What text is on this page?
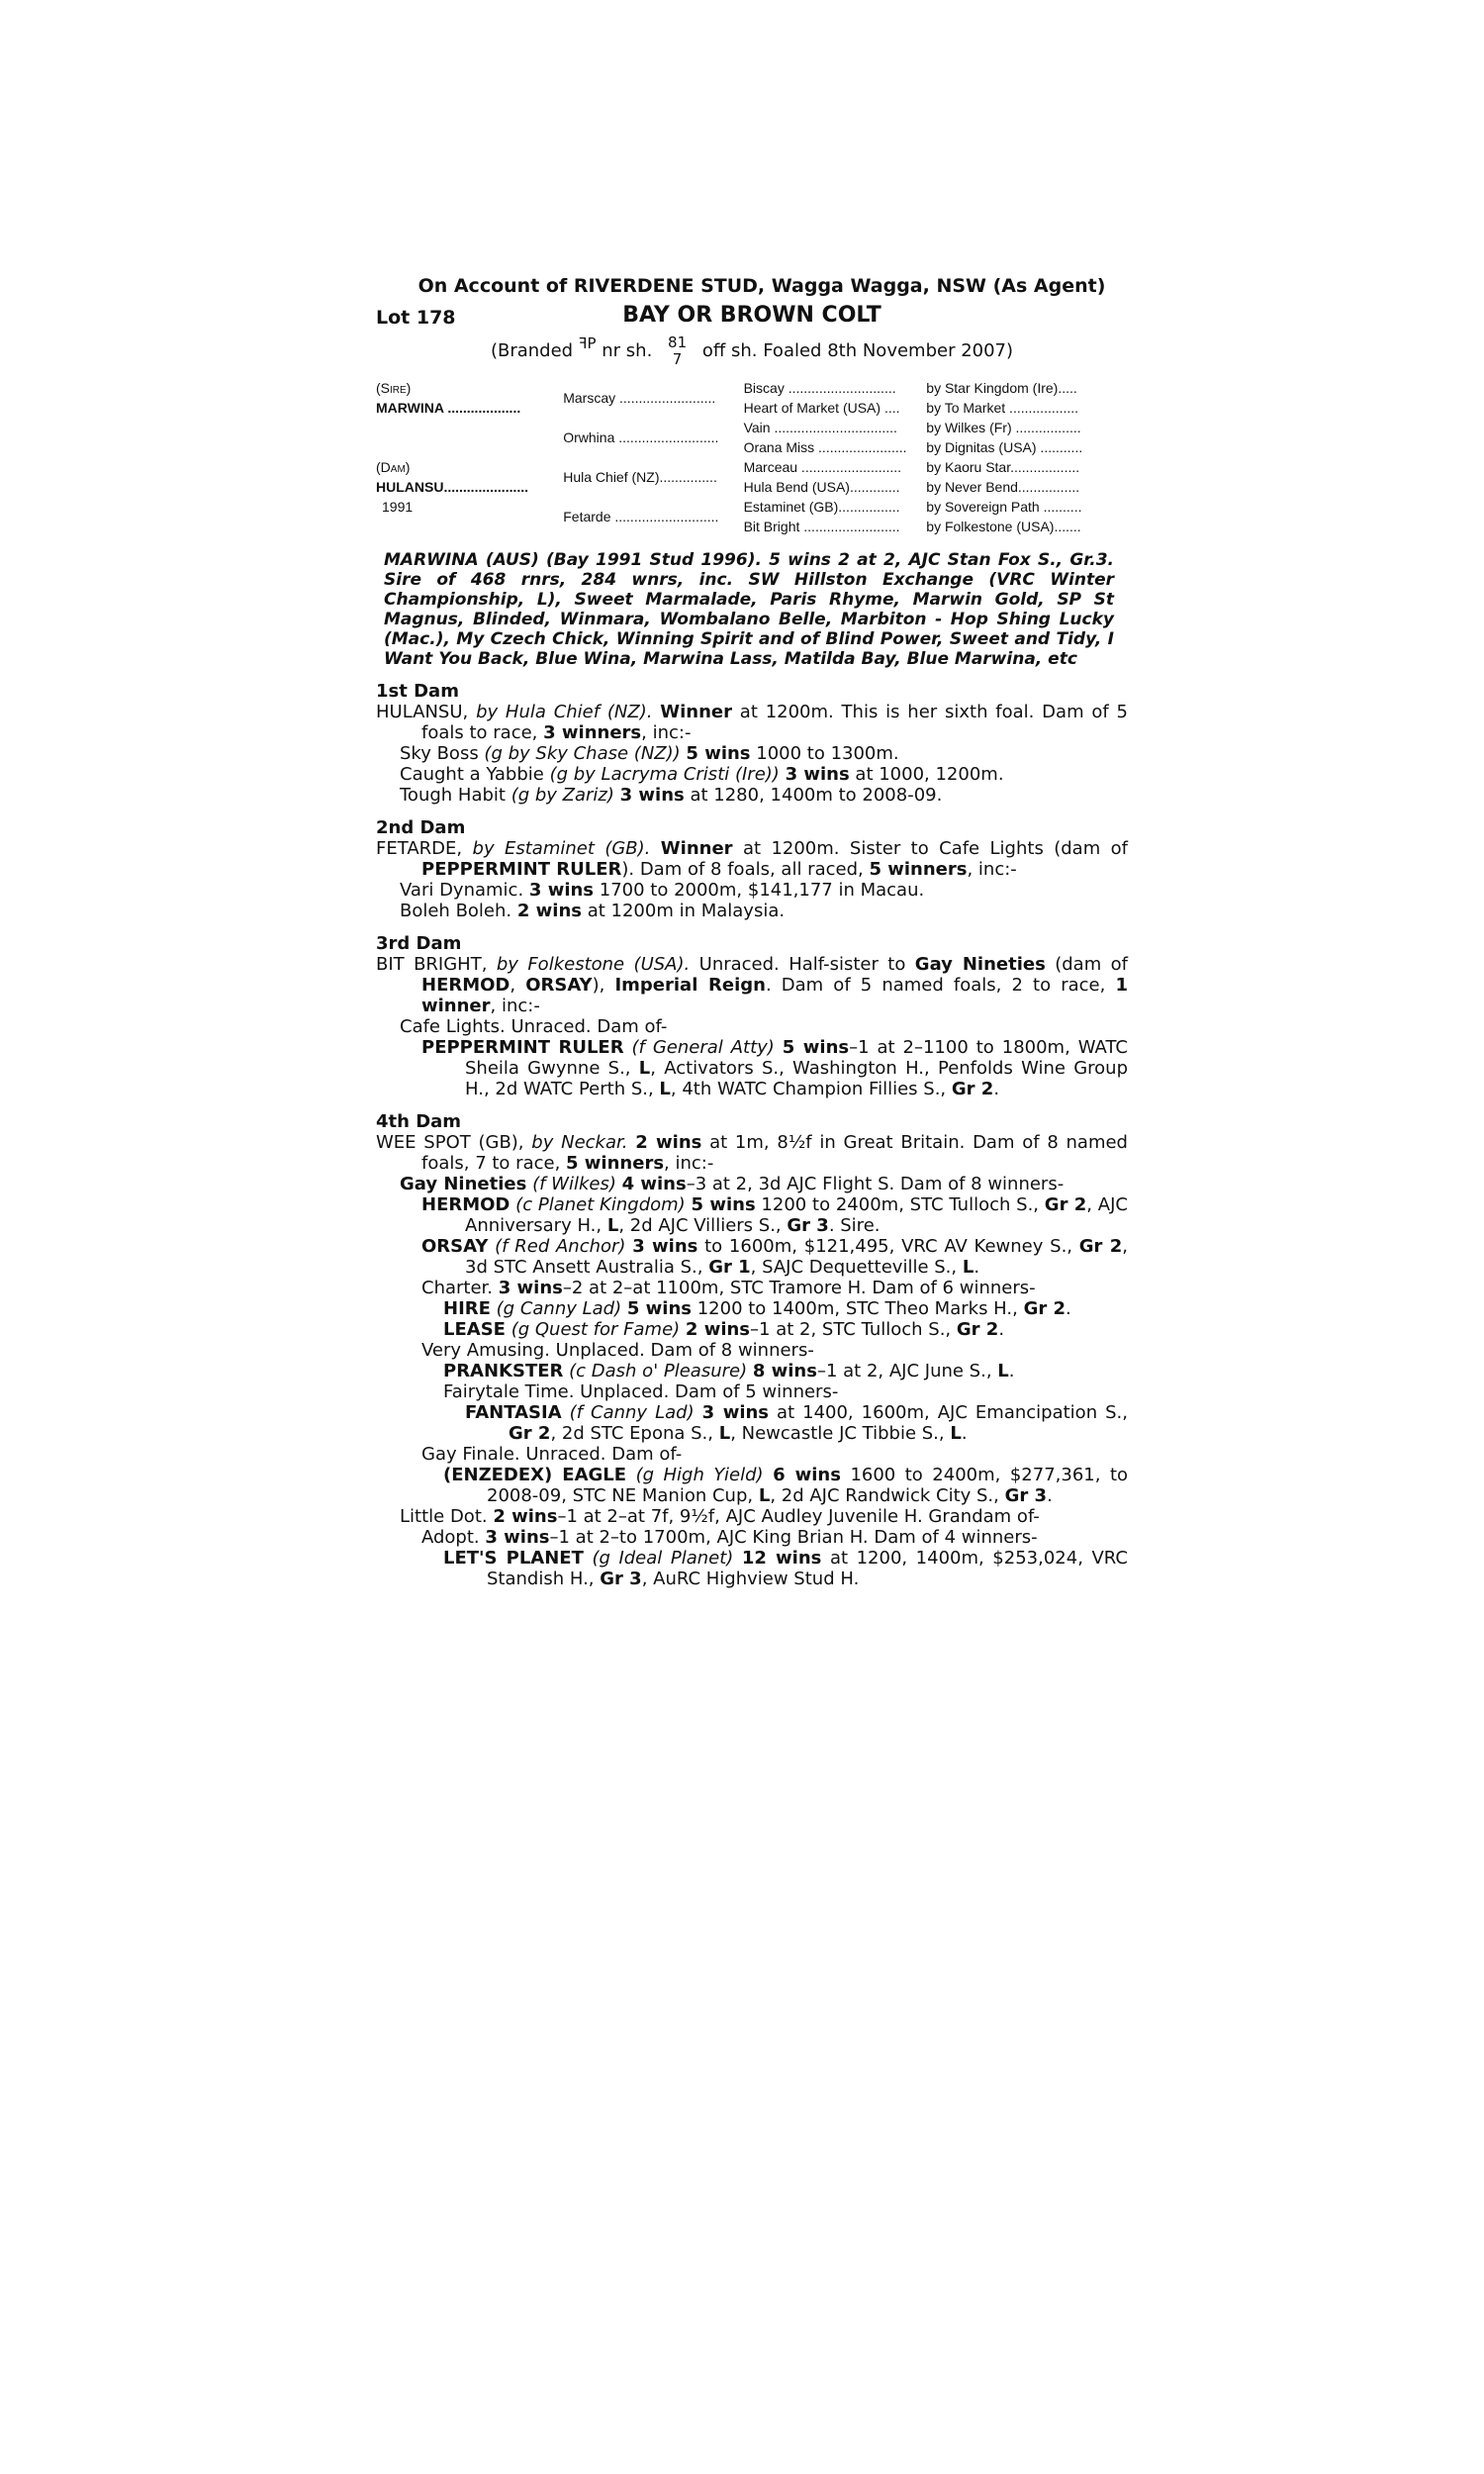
On Account of RIVERDENE STUD, Wagga Wagga, NSW (As Agent)
Lot 178	BAY OR BROWN COLT
(Branded ꟻP nr sh. 81
7 off sh. Foaled 8th November 2007)
(Sire)	Marscay .........................	Biscay ............................	by Star Kingdom (Ire).....
MARWINA ...................		Heart of Market (USA) ....	by To Market ..................
	Orwhina ..........................	Vain ................................	by Wilkes (Fr) .................
		Orana Miss .......................	by Dignitas (USA) ...........
(Dam)	Hula Chief (NZ)...............	Marceau ..........................	by Kaoru Star..................
HULANSU......................		Hula Bend (USA).............	by Never Bend................
1991	Fetarde ...........................	Estaminet (GB)................	by Sovereign Path ..........
		Bit Bright .........................	by Folkestone (USA).......
MARWINA (AUS) (Bay 1991 Stud 1996). 5 wins 2 at 2, AJC Stan Fox S., Gr.3. Sire of 468 rnrs, 284 wnrs, inc. SW Hillston Exchange (VRC Winter Championship, L), Sweet Marmalade, Paris Rhyme, Marwin Gold, SP St Magnus, Blinded, Winmara, Wombalano Belle, Marbiton - Hop Shing Lucky (Mac.), My Czech Chick, Winning Spirit and of Blind Power, Sweet and Tidy, I Want You Back, Blue Wina, Marwina Lass, Matilda Bay, Blue Marwina, etc
1st Dam
HULANSU, by Hula Chief (NZ). Winner at 1200m. This is her sixth foal. Dam of 5 foals to race, 3 winners, inc:-
Sky Boss (g by Sky Chase (NZ)) 5 wins 1000 to 1300m.
Caught a Yabbie (g by Lacryma Cristi (Ire)) 3 wins at 1000, 1200m.
Tough Habit (g by Zariz) 3 wins at 1280, 1400m to 2008-09.
2nd Dam
FETARDE, by Estaminet (GB). Winner at 1200m. Sister to Cafe Lights (dam of PEPPERMINT RULER). Dam of 8 foals, all raced, 5 winners, inc:-
Vari Dynamic. 3 wins 1700 to 2000m, $141,177 in Macau.
Boleh Boleh. 2 wins at 1200m in Malaysia.
3rd Dam
BIT BRIGHT, by Folkestone (USA). Unraced. Half-sister to Gay Nineties (dam of HERMOD, ORSAY), Imperial Reign. Dam of 5 named foals, 2 to race, 1 winner, inc:-
Cafe Lights. Unraced. Dam of-
PEPPERMINT RULER (f General Atty) 5 wins–1 at 2–1100 to 1800m, WATC Sheila Gwynne S., L, Activators S., Washington H., Penfolds Wine Group H., 2d WATC Perth S., L, 4th WATC Champion Fillies S., Gr 2.
4th Dam
WEE SPOT (GB), by Neckar. 2 wins at 1m, 8½f in Great Britain. Dam of 8 named foals, 7 to race, 5 winners, inc:-
Gay Nineties (f Wilkes) 4 wins–3 at 2, 3d AJC Flight S. Dam of 8 winners-
HERMOD (c Planet Kingdom) 5 wins 1200 to 2400m, STC Tulloch S., Gr 2, AJC Anniversary H., L, 2d AJC Villiers S., Gr 3. Sire.
ORSAY (f Red Anchor) 3 wins to 1600m, $121,495, VRC AV Kewney S., Gr 2, 3d STC Ansett Australia S., Gr 1, SAJC Dequetteville S., L.
Charter. 3 wins–2 at 2–at 1100m, STC Tramore H. Dam of 6 winners-
HIRE (g Canny Lad) 5 wins 1200 to 1400m, STC Theo Marks H., Gr 2.
LEASE (g Quest for Fame) 2 wins–1 at 2, STC Tulloch S., Gr 2.
Very Amusing. Unplaced. Dam of 8 winners-
PRANKSTER (c Dash o' Pleasure) 8 wins–1 at 2, AJC June S., L.
Fairytale Time. Unplaced. Dam of 5 winners-
FANTASIA (f Canny Lad) 3 wins at 1400, 1600m, AJC Emancipation S., Gr 2, 2d STC Epona S., L, Newcastle JC Tibbie S., L.
Gay Finale. Unraced. Dam of-
(ENZEDEX) EAGLE (g High Yield) 6 wins 1600 to 2400m, $277,361, to 2008-09, STC NE Manion Cup, L, 2d AJC Randwick City S., Gr 3.
Little Dot. 2 wins–1 at 2–at 7f, 9½f, AJC Audley Juvenile H. Grandam of-
Adopt. 3 wins–1 at 2–to 1700m, AJC King Brian H. Dam of 4 winners-
LET'S PLANET (g Ideal Planet) 12 wins at 1200, 1400m, $253,024, VRC Standish H., Gr 3, AuRC Highview Stud H.
